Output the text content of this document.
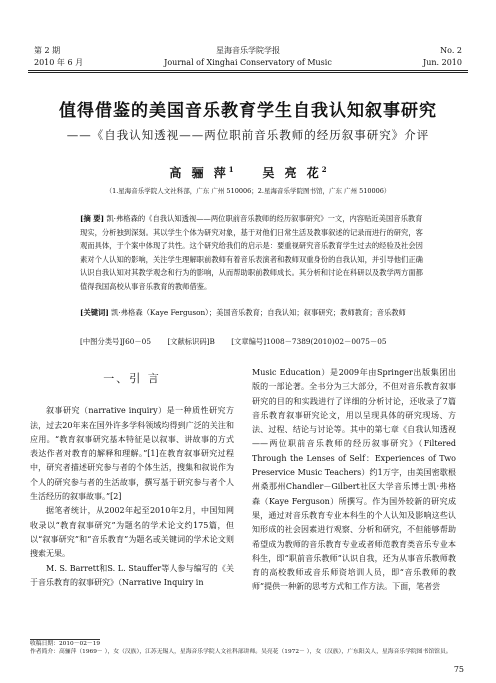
第 2 期	星海音乐学院学报	No. 2
2010 年 6 月	Journal of Xinghai Conservatory of Music	Jun. 2010
值得借鉴的美国音乐教育学生自我认知叙事研究
——《自我认知透视——两位职前音乐教师的经历叙事研究》介评
高 骊 萍$^1$ 吴 亮 花$^2$
（1.星海音乐学院人文社科部，广东 广州 510006；2.星海音乐学院图书馆，广东 广州 510006）
[摘 要] 凯·弗格森的《自我认知透视——两位职前音乐教师的经历叙事研究》一文，内容贴近美国音乐教育现实，分析独到深刻。其以学生个体为研究对象，基于对他们日常生活及教事叙述的记录而进行的研究，客观而具体，于个案中体现了共性。这个研究给我们的启示是：要重视研究音乐教育学生过去的经验及社会因素对个人认知的影响，关注学生理解职前教师有着音乐表演者和教师双重身份的自我认知，并引导他们正确认识自我认知对其教学观念和行为的影响，从而帮助职前教师成长。其分析和讨论在科研以及教学两方面都值得我国高校从事音乐教育的教师借鉴。
[关键词] 凯·弗格森（Kaye Ferguson）；美国音乐教育；自我认知；叙事研究；教师教育；音乐教师
[中图分类号]J60－05 [文献标识码]B [文章编号]1008－7389(2010)02－0075－05
一、引 言

叙事研究（narrative inquiry）是一种质性研究方法，过去20年来在国外许多学科领域均得到广泛的关注和应用。“教育叙事研究基本特征是以叙事、讲故事的方式表达作者对教育的解释和理解。”[1]在教育叙事研究过程中，研究者描述研究参与者的个体生活，搜集和叙说作为个人的研究参与者的生活故事，撰写基于研究参与者个人生活经历的叙事故事。”[2]

据笔者统计，从2002年起至2010年2月，中国知网收录以“教育叙事研究”为题名的学术论文约175篇，但以“叙事研究”和“音乐教育”为题名或关键词的学术论文则搜索无果。

M. S. Barrett和S. L. Stauffer等人参与编写的《关于音乐教育的叙事研究》（Narrative Inquiry in

Music Education）是2009年由Springer出版集团出版的一部论著。全书分为三大部分，不但对音乐教育叙事研究的目的和实践进行了详细的分析讨论，还收录了7篇音乐教育叙事研究论文，用以呈现具体的研究现场、方法、过程、结论与讨论等。其中的第七章《自我认知透视——两位职前音乐教师的经历叙事研究》（Filtered Through the Lenses of Self：Experiences of Two Preservice Music Teachers）约1万字，由美国密歇根州桑那州Chandler－Gilbert社区大学音乐博士凯·弗格森（Kaye Ferguson）所撰写。作为国外较新的研究成果，通过对音乐教育专业本科生的个人认知及影响这些认知形成的社会因素进行观察、分析和研究，不但能够帮助希望成为教师的音乐教育专业或者师范教育类音乐专业本科生，即“职前音乐教师”认识自我，还为从事音乐教师教育的高校教师或音乐师资培训人员，即“音乐教师的教师”提供一种新的思考方式和工作方法。下面，笔者尝

收稿日期：2010－02－19
作者简介：高骊萍（1969－ ），女（汉族），江苏无锡人，星海音乐学院人文社科部讲师。吴亮花（1972－ ），女（汉族），广东阳关人，星海音乐学院图书馆馆员。
75
